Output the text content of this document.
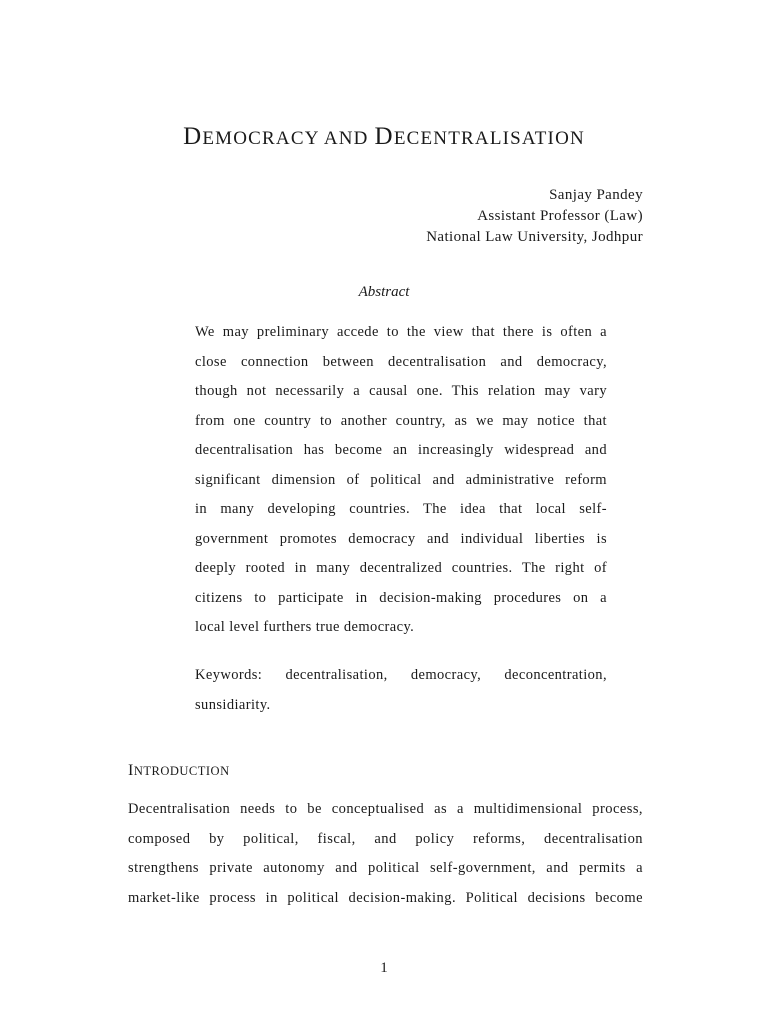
DEMOCRACY AND DECENTRALISATION
Sanjay Pandey
Assistant Professor (Law)
National Law University, Jodhpur
Abstract
We may preliminary accede to the view that there is often a
close connection between decentralisation and democracy,
though not necessarily a causal one. This relation may vary
from one country to another country, as we may notice that
decentralisation has become an increasingly widespread and
significant dimension of political and administrative reform
in many developing countries. The idea that local self-
government promotes democracy and individual liberties is
deeply rooted in many decentralized countries. The right of
citizens to participate in decision-making procedures on a
local level furthers true democracy.
Keywords: decentralisation, democracy, deconcentration,
sunsidiarity.
INTRODUCTION
Decentralisation needs to be conceptualised as a multidimensional process,
composed by political, fiscal, and policy reforms, decentralisation
strengthens private autonomy and political self-government, and permits a
market-like process in political decision-making. Political decisions become
1
